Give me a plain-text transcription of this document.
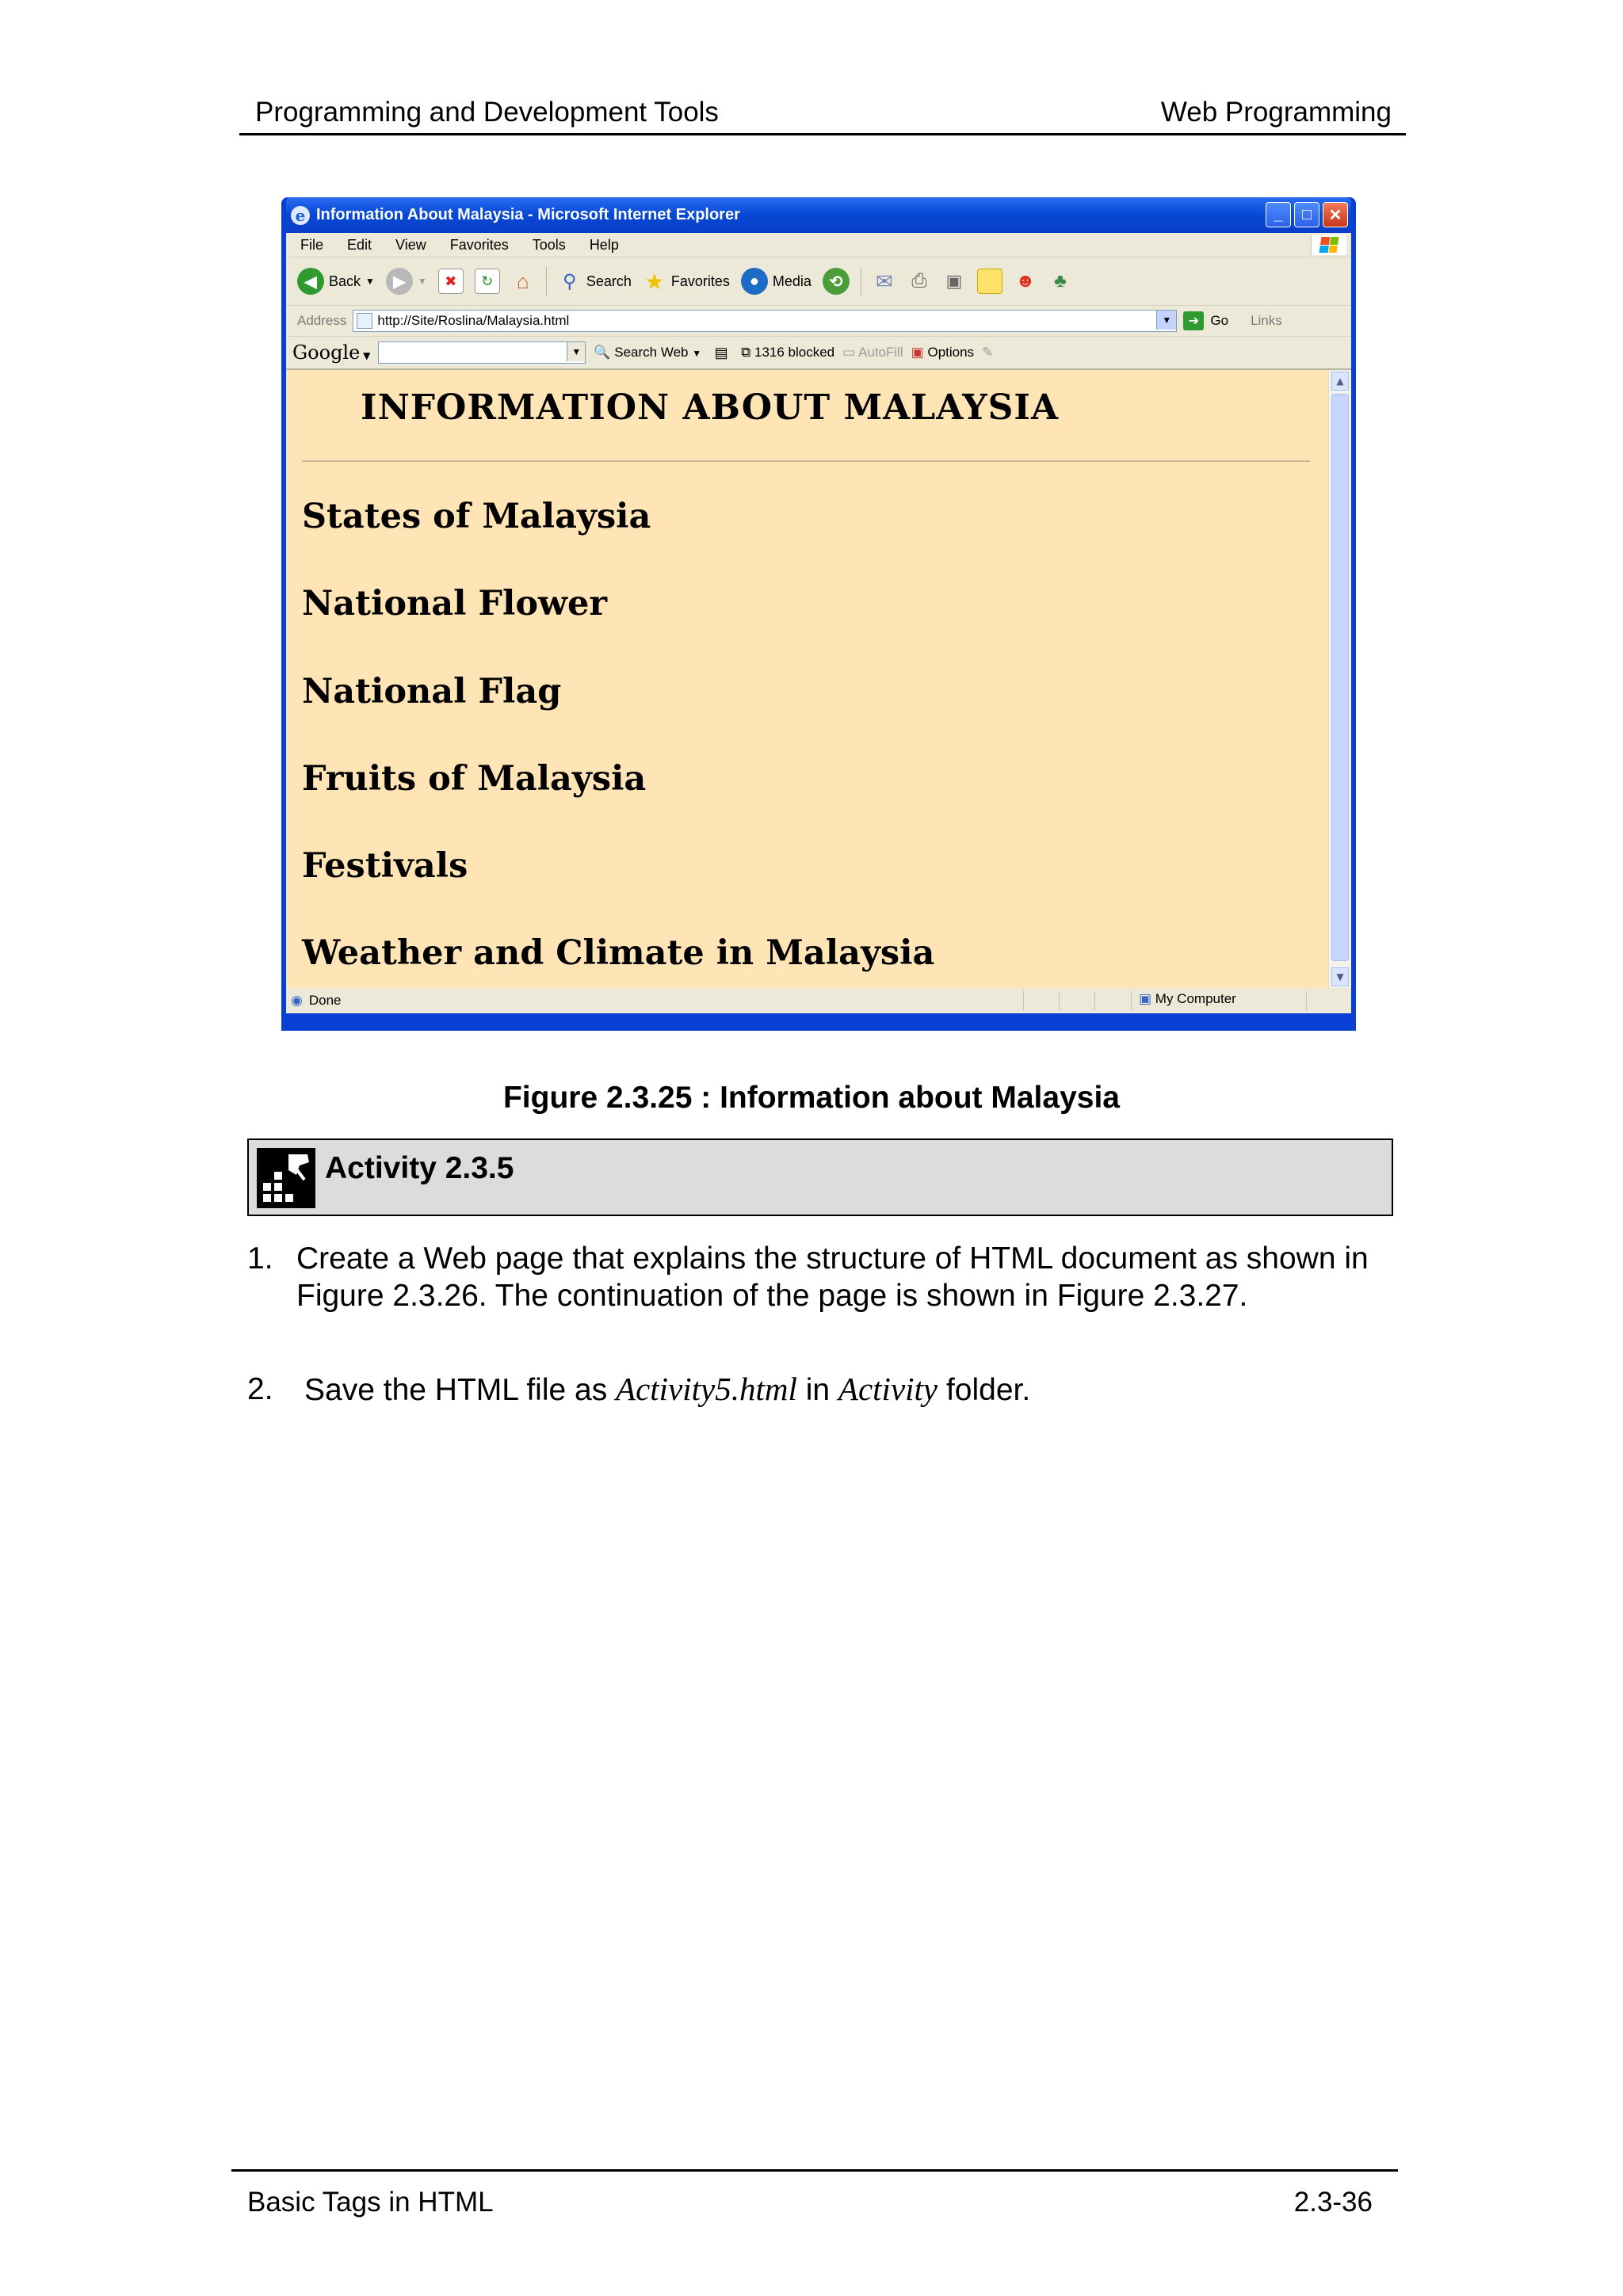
Programming and Development Tools	Web Programming
e Information About Malaysia - Microsoft Internet Explorer	_	□	✕
File Edit View Favorites Tools Help
◀ Back ▼	▶	▼	✖	↻	⌂ ⚲ Search ★ Favorites	● Media	⟲	✉ ⎙ ▣	☻ ♣
Address http://Site/Roslina/Malaysia.html	▼	➔ Go Links
Google ▼	▼ 🔍 Search Web ▼ ▤ ⧉ 1316 blocked ▭ AutoFill ▣ Options ✎
INFORMATION ABOUT MALAYSIA

States of Malaysia

National Flower

National Flag

Fruits of Malaysia

Festivals

Weather and Climate in Malaysia

▲
▼
◉ Done	▣ My Computer
Figure 2.3.25 : Information about Malaysia
Activity 2.3.5
1. Create a Web page that explains the structure of HTML document as shown in Figure 2.3.26. The continuation of the page is shown in Figure 2.3.27.
2. Save the HTML file as Activity5.html in Activity folder.
Basic Tags in HTML	2.3-36
